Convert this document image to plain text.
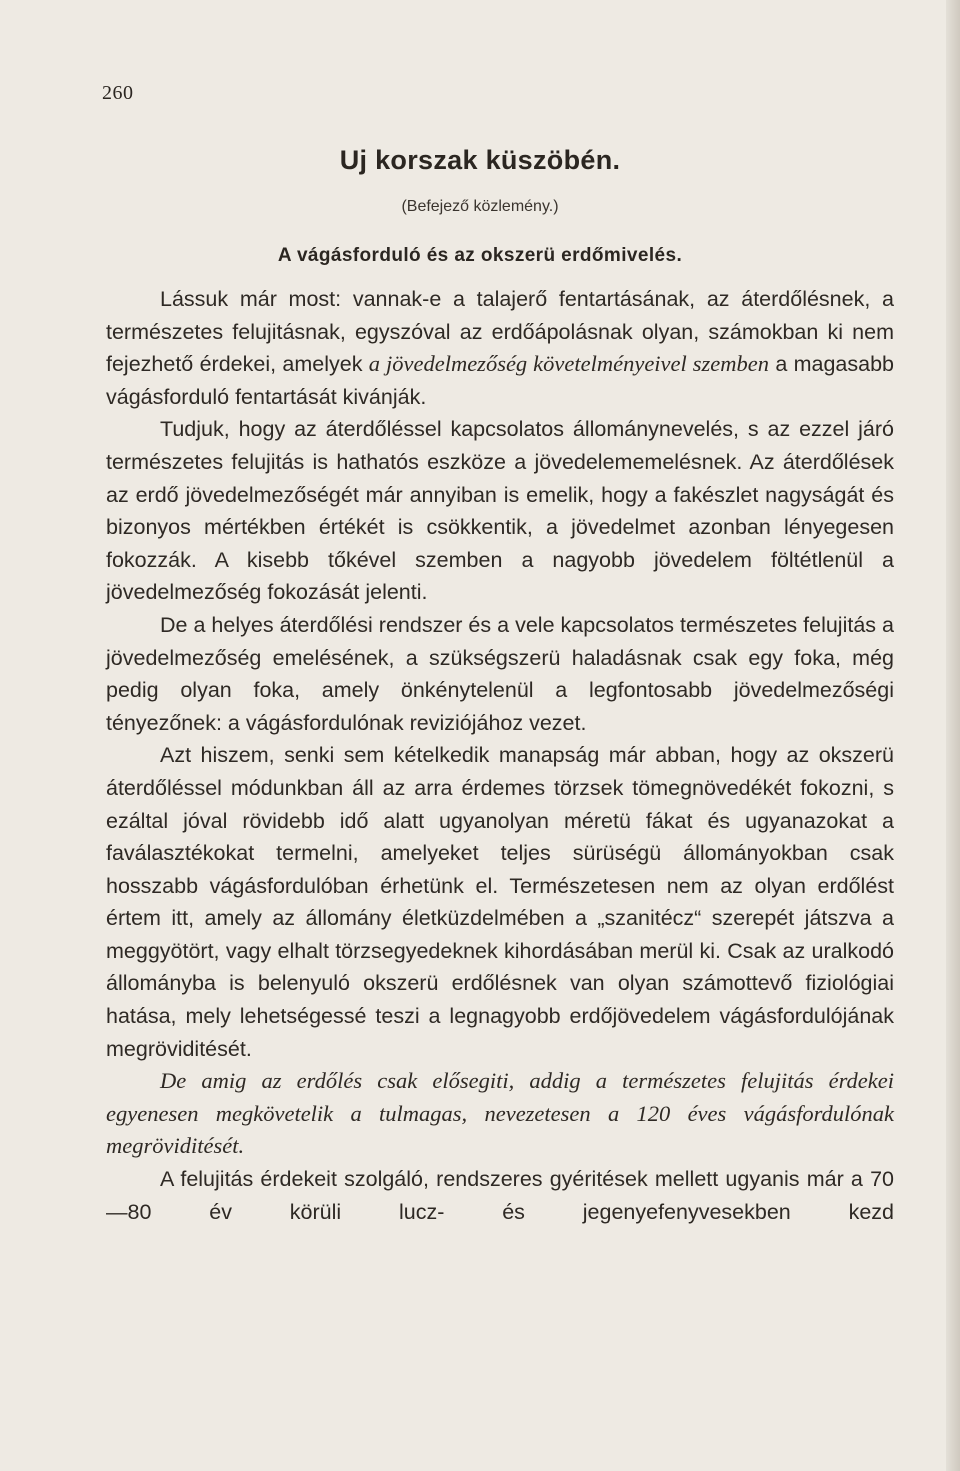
260
Uj korszak küszöbén.
(Befejező közlemény.)
A vágásforduló és az okszerü erdőmivelés.

Lássuk már most: vannak-e a talajerő fentartásának, az áterdőlésnek, a természetes felujitásnak, egyszóval az erdőápolásnak olyan, számokban ki nem fejezhető érdekei, amelyek a jövedelmezőség követelményeivel szemben a magasabb vágásforduló fentartását kivánják.

Tudjuk, hogy az áterdőléssel kapcsolatos állománynevelés, s az ezzel járó természetes felujitás is hathatós eszköze a jövedelememelésnek. Az áterdőlések az erdő jövedelmezőségét már annyiban is emelik, hogy a fakészlet nagyságát és bizonyos mértékben értékét is csökkentik, a jövedelmet azonban lényegesen fokozzák. A kisebb tőkével szemben a nagyobb jövedelem föltétlenül a jövedelmezőség fokozását jelenti.

De a helyes áterdőlési rendszer és a vele kapcsolatos természetes felujitás a jövedelmezőség emelésének, a szükségszerü haladásnak csak egy foka, még pedig olyan foka, amely önkénytelenül a legfontosabb jövedelmezőségi tényezőnek: a vágásfordulónak reviziójához vezet.

Azt hiszem, senki sem kételkedik manapság már abban, hogy az okszerü áterdőléssel módunkban áll az arra érdemes törzsek tömegnövedékét fokozni, s ezáltal jóval rövidebb idő alatt ugyanolyan méretü fákat és ugyanazokat a faválasztékokat termelni, amelyeket teljes sürüségü állományokban csak hosszabb vágásfordulóban érhetünk el. Természetesen nem az olyan erdőlést értem itt, amely az állomány életküzdelmében a „szanitécz“ szerepét játszva a meggyötört, vagy elhalt törzsegyedeknek kihordásában merül ki. Csak az uralkodó állományba is belenyuló okszerü erdőlésnek van olyan számottevő fiziológiai hatása, mely lehetségessé teszi a legnagyobb erdőjövedelem vágásfordulójának megröviditését.

De amig az erdőlés csak elősegiti, addig a természetes felujitás érdekei egyenesen megkövetelik a tulmagas, nevezetesen a 120 éves vágásfordulónak megröviditését.

A felujitás érdekeit szolgáló, rendszeres gyéritések mellett ugyanis már a 70—80 év körüli lucz- és jegenyefenyvesekben kezd
